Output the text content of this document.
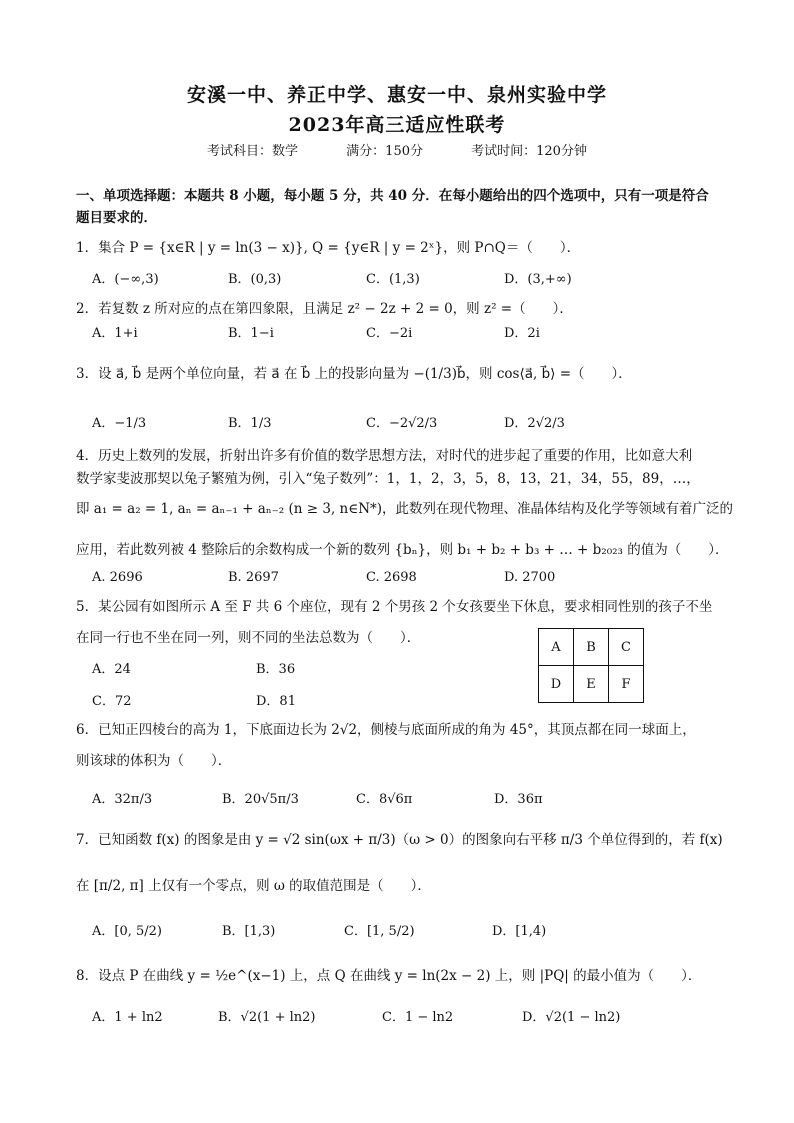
安溪一中、养正中学、惠安一中、泉州实验中学
2023年高三适应性联考
考试科目：数学	满分：150分	考试时间：120分钟
一、单项选择题：本题共 8 小题，每小题 5 分，共 40 分．在每小题给出的四个选项中，只有一项是符合
题目要求的．
1．集合 P = {x∈R | y = ln(3 − x)}, Q = {y∈R | y = 2ˣ}，则 P∩Q＝（　　）．
A．(−∞,3)	B．(0,3)	C．(1,3)	D．(3,+∞)
2．若复数 z 所对应的点在第四象限，且满足 z² − 2z + 2 = 0，则 z² =（　　）．
A．1+i	B．1−i	C．−2i	D．2i
3．设 a⃗, b⃗ 是两个单位向量，若 a⃗ 在 b⃗ 上的投影向量为 −(1/3)b⃗，则 cos⟨a⃗, b⃗⟩ =（　　）．
A．−1/3	B．1/3	C．−2√2/3	D．2√2/3
4．历史上数列的发展，折射出许多有价值的数学思想方法，对时代的进步起了重要的作用，比如意大利
数学家斐波那契以兔子繁殖为例，引入“兔子数列”：1，1，2，3，5，8，13，21，34，55，89，…，
即 a₁ = a₂ = 1, aₙ = aₙ₋₁ + aₙ₋₂ (n ≥ 3, n∈N*)，此数列在现代物理、准晶体结构及化学等领域有着广泛的
应用，若此数列被 4 整除后的余数构成一个新的数列 {bₙ}，则 b₁ + b₂ + b₃ + … + b₂₀₂₃ 的值为（　　）．
A. 2696	B. 2697	C. 2698	D. 2700
5．某公园有如图所示 A 至 F 共 6 个座位，现有 2 个男孩 2 个女孩要坐下休息，要求相同性别的孩子不坐
在同一行也不坐在同一列，则不同的坐法总数为（　　）．
A．24	B．36
C．72	D．81
A	B	C
D	E	F
6．已知正四棱台的高为 1，下底面边长为 2√2，侧棱与底面所成的角为 45°，其顶点都在同一球面上，
则该球的体积为（　　）．
A．32π/3	B．20√5π/3	C．8√6π	D．36π
7．已知函数 f(x) 的图象是由 y = √2 sin(ωx + π/3)（ω > 0）的图象向右平移 π/3 个单位得到的，若 f(x)
在 [π/2, π] 上仅有一个零点，则 ω 的取值范围是（　　）．
A．[0, 5/2)	B．[1,3)	C．[1, 5/2)	D．[1,4)
8．设点 P 在曲线 y = ½e^(x−1) 上，点 Q 在曲线 y = ln(2x − 2) 上，则 |PQ| 的最小值为（　　）．
A．1 + ln2	B．√2(1 + ln2)	C．1 − ln2	D．√2(1 − ln2)
